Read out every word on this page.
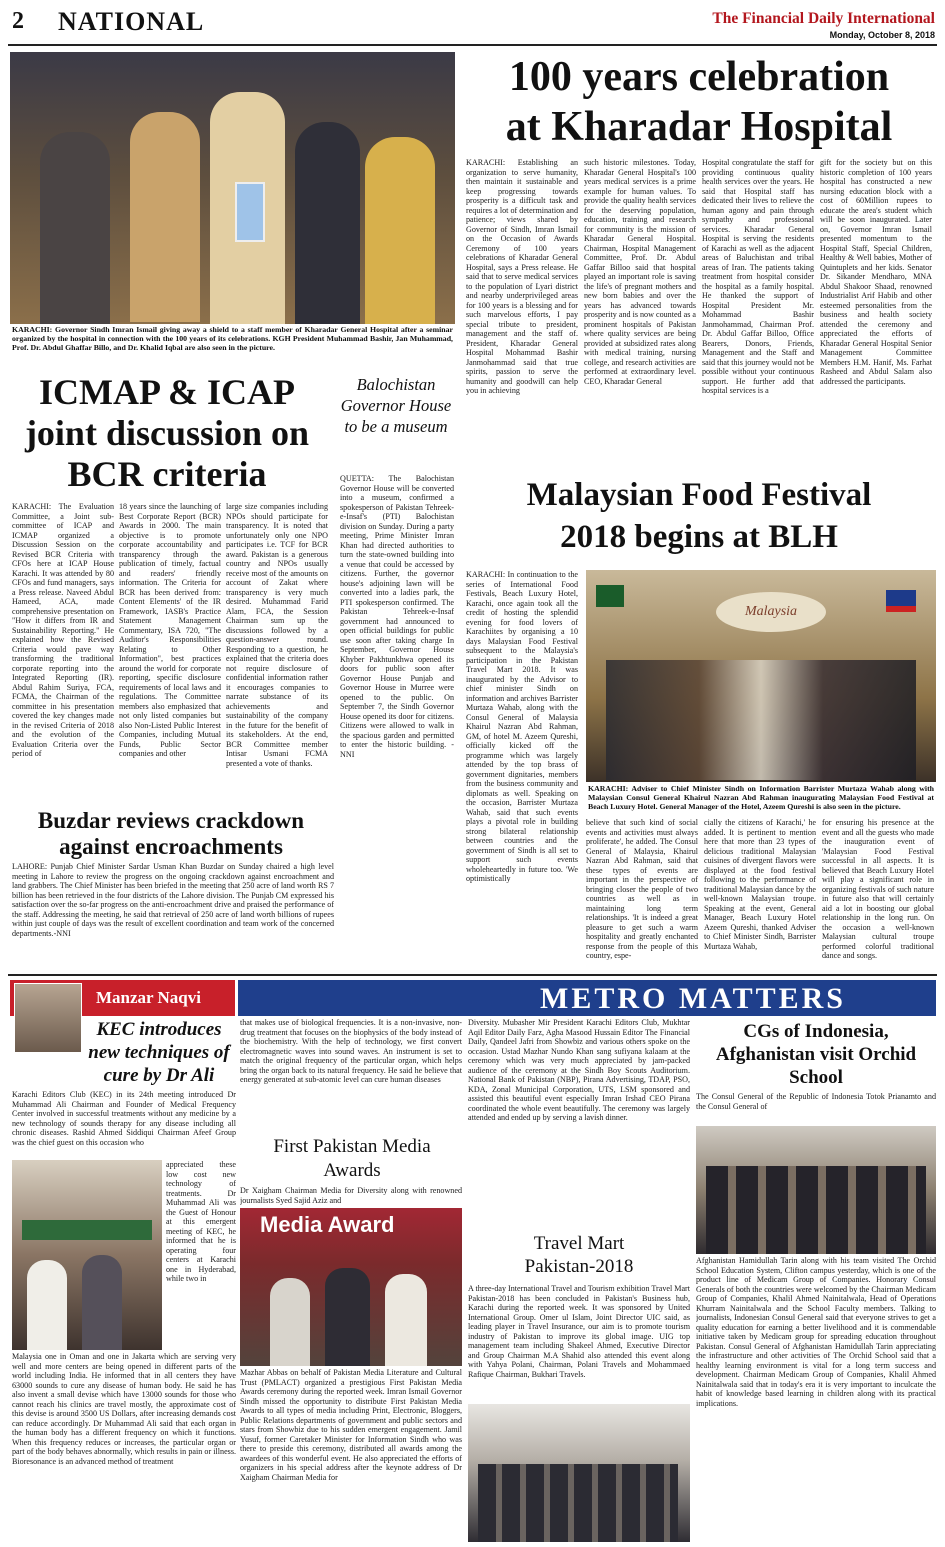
2 NATIONAL	The Financial Daily International
Monday, October 8, 2018
KARACHI: Governor Sindh Imran Ismail giving away a shield to a staff member of Kharadar General Hospital after a seminar organized by the hospital in connection with the 100 years of its celebrations. KGH President Muhammad Bashir, Jan Muhammad, Prof. Dr. Abdul Ghaffar Billo, and Dr. Khalid Iqbal are also seen in the picture.
100 years celebration
at Kharadar Hospital
KARACHI: Establishing an organization to serve humanity, then maintain it sustainable and keep progressing towards prosperity is a difficult task and requires a lot of determination and patience; views shared by Governor of Sindh, Imran Ismail on the Occasion of Awards Ceremony of 100 years celebrations of Kharadar General Hospital, says a Press release. He said that to serve medical services to the population of Lyari district and nearby underprivileged areas for 100 years is a blessing and for such marvelous efforts, I pay special tribute to president, management and the staff of. President, Kharadar General Hospital Mohammad Bashir Janmohammad said that true spirits, passion to serve the humanity and goodwill can help you in achieving
such historic milestones. Today, Kharadar General Hospital's 100 years medical services is a prime example for human values. To provide the quality health services for the deserving population, education, training and research for community is the mission of Kharadar General Hospital. Chairman, Hospital Management Committee, Prof. Dr. Abdul Gaffar Billoo said that hospital played an important role is saving the life's of pregnant mothers and new born babies and over the years has advanced towards prosperity and is now counted as a prominent hospitals of Pakistan where quality services are being provided at subsidized rates along with medical training, nursing college, and research activities are performed at extraordinary level. CEO, Kharadar General
Hospital congratulate the staff for providing continuous quality health services over the years. He said that Hospital staff has dedicated their lives to relieve the human agony and pain through sympathy and professional services. Kharadar General Hospital is serving the residents of Karachi as well as the adjacent areas of Baluchistan and tribal areas of Iran. The patients taking treatment from hospital consider the hospital as a family hospital. He thanked the support of Hospital President Mr. Mohammad Bashir Janmohammad, Chairman Prof. Dr. Abdul Gaffar Billoo, Office Bearers, Donors, Friends, Management and the Staff and said that this journey would not be possible without your continuous support. He further add that hospital services is a
gift for the society but on this historic completion of 100 years hospital has constructed a new nursing education block with a cost of 60Million rupees to educate the area's student which will be soon inaugurated. Later on, Governor Imran Ismail presented momentum to the Hospital Staff, Special Children, Healthy & Well babies, Mother of Quintuplets and her kids. Senator Dr. Sikander Mendharo, MNA Abdul Shakoor Shaad, renowned Industrialist Arif Habib and other esteemed personalities from the business and health society attended the ceremony and appreciated the efforts of Kharadar General Hospital Senior Management Committee Members H.M. Hanif, Ms. Farhat Rasheed and Abdul Salam also addressed the participants.
ICMAP & ICAP joint discussion on BCR criteria
KARACHI: The Evaluation Committee, a Joint sub- committee of ICAP and ICMAP organized a Discussion Session on the Revised BCR Criteria with CFOs here at ICAP House Karachi. It was attended by 80 CFOs and fund managers, says a Press release. Naveed Abdul Hameed, ACA, made comprehensive presentation on "How it differs from IR and Sustainability Reporting." He explained how the Revised Criteria would pave way transforming the traditional corporate reporting into the Integrated Reporting (IR). Abdul Rahim Suriya, FCA, FCMA, the Chairman of the committee in his presentation covered the key changes made in the revised Criteria of 2018 and the evolution of the Evaluation Criteria over the period of
18 years since the launching of Best Corporate Report (BCR) Awards in 2000. The main objective is to promote corporate accountability and transparency through the publication of timely, factual and readers' friendly information. The Criteria for BCR has been derived from: Content Elements' of the IR Framework, IASB's Practice Statement Management Commentary, ISA 720, "The Auditor's Responsibilities Relating to Other Information", best practices around the world for corporate reporting, specific disclosure requirements of local laws and regulations. The Committee members also emphasized that not only listed companies but also Non-Listed Public Interest Companies, including Mutual Funds, Public Sector companies and other
large size companies including NPOs should participate for transparency. It is noted that unfortunately only one NPO participates i.e. TCF for BCR award. Pakistan is a generous country and NPOs usually receive most of the amounts on account of Zakat where transparency is very much desired. Muhammad Farid Alam, FCA, the Session Chairman sum up the discussions followed by a question-answer round. Responding to a question, he explained that the criteria does not require disclosure of confidential information rather it encourages companies to narrate substance of its achievements and sustainability of the company in the future for the benefit of its stakeholders. At the end, BCR Committee member Intisar Usmani FCMA presented a vote of thanks.
Balochistan Governor House to be a museum
QUETTA: The Balochistan Governor House will be converted into a museum, confirmed a spokesperson of Pakistan Tehreek-e-Insaf's (PTI) Balochistan division on Sunday. During a party meeting, Prime Minister Imran Khan had directed authorities to turn the state-owned building into a venue that could be accessed by citizens. Further, the governor house's adjoining lawn will be converted into a ladies park, the PTI spokesperson confirmed. The Pakistan Tehreek-e-Insaf government had announced to open official buildings for public use soon after taking charge In September, Governor House Khyber Pakhtunkhwa opened its doors for public soon after Governor House Punjab and Governor House in Murree were opened to the public. On September 7, the Sindh Governor House opened its door for citizens. Citizens were allowed to walk in the spacious garden and permitted to enter the historic building. - NNI
Malaysian Food Festival
2018 begins at BLH
KARACHI: In continuation to the series of International Food Festivals, Beach Luxury Hotel, Karachi, once again took all the credit of hosting the splendid evening for food lovers of Karachiites by organising a 10 days Malaysian Food Festival subsequent to the Malaysia's participation in the Pakistan Travel Mart 2018. It was inaugurated by the Advisor to chief minister Sindh on information and archives Barrister Murtaza Wahab, along with the Consul General of Malaysia Khairul Nazran Abd Rahman, GM, of hotel M. Azeem Qureshi, officially kicked off the programme which was largely attended by the top brass of government dignitaries, members from the business community and diplomats as well. Speaking on the occasion, Barrister Murtaza Wahab, said that such events plays a pivotal role in building strong bilateral relationship between countries and the government of Sindh is all set to support such events wholeheartedly in future too. 'We optimistically
Malaysia
KARACHI: Adviser to Chief Minister Sindh on Information Barrister Murtaza Wahab along with Malaysian Consul General Khairul Nazran Abd Rahman inaugurating Malaysian Food Festival at Beach Luxury Hotel. General Manager of the Hotel, Azeem Qureshi is also seen in the picture.
believe that such kind of social events and activities must always proliferate', he added. The Consul General of Malaysia, Khairul Nazran Abd Rahman, said that these types of events are important in the perspective of bringing closer the people of two countries as well as in maintaining long term relationships. 'It is indeed a great pleasure to get such a warm hospitality and greatly enchanted response from the people of this country, espe-
cially the citizens of Karachi,' he added. It is pertinent to mention here that more than 23 types of delicious traditional Malaysian cuisines of divergent flavors were displayed at the food festival following to the performance of traditional Malaysian dance by the well-known Malaysian troupe. Speaking at the event, General Manager, Beach Luxury Hotel Azeem Qureshi, thanked Adviser to Chief Minister Sindh, Barrister Murtaza Wahab,
for ensuring his presence at the event and all the guests who made the inauguration event of 'Malaysian Food Festival successful in all aspects. It is believed that Beach Luxury Hotel will play a significant role in organizing festivals of such nature in future also that will certainly aid a lot in boosting our global relationship in the long run. On the occasion a well-known Malaysian cultural troupe performed colorful traditional dance and songs.
Buzdar reviews crackdown
against encroachments
LAHORE: Punjab Chief Minister Sardar Usman Khan Buzdar on Sunday chaired a high level meeting in Lahore to review the progress on the ongoing crackdown against encroachment and land grabbers. The Chief Minister has been briefed in the meeting that 250 acre of land worth RS 7 billion has been retrieved in the four districts of the Lahore division. The Punjab CM expressed his satisfaction over the so-far progress on the anti-encroachment drive and praised the performance of the staff. Addressing the meeting, he said that retrieval of 250 acre of land worth billions of rupees within just couple of days was the result of excellent coordination and team work of the concerned departments.-NNI
Manzar Naqvi	METRO MATTERS
KEC introduces new techniques of cure by Dr Ali
Karachi Editors Club (KEC) in its 24th meeting introduced Dr Muhammad Ali Chairman and Founder of Medical Frequency Center involved in successful treatments without any medicine by a new technology of sounds therapy for any disease including all chronic diseases. Rashid Ahmed Siddiqui Chairman Afeef Group was the chief guest on this occasion who
appreciated these low cost new technology of treatments. Dr Muhammad Ali was the Guest of Honour at this emergent meeting of KEC, he informed that he is operating four centers at Karachi one in Hyderabad, while two in
Malaysia one in Oman and one in Jakarta which are serving very well and more centers are being opened in different parts of the world including India. He informed that in all centers they have 63000 sounds to cure any disease of human body. He said he has also invent a small devise which have 13000 sounds for those who cannot reach his clinics are travel mostly, the approximate cost of this devise is around 3500 US Dollars, after increasing demands cost can reduce accordingly. Dr Muhammad Ali said that each organ in the human body has a different frequency on which it functions. When this frequency reduces or increases, the particular organ or part of the body behaves abnormally, which results in pain or illness. Bioresonance is an advanced method of treatment
that makes use of biological frequencies. It is a non-invasive, non-drug treatment that focuses on the biophysics of the body instead of the biochemistry. With the help of technology, we first convert electromagnetic waves into sound waves. An instrument is set to match the original frequency of the particular organ, which helps bring the organ back to its natural frequency. He said he believe that energy generated at sub-atomic level can cure human diseases
First Pakistan Media Awards
Dr Xaigham Chairman Media for Diversity along with renowned journalists Syed Sajid Aziz and
Media Award
Mazhar Abbas on behalf of Pakistan Media Literature and Cultural Trust (PMLACT) organized a prestigious First Pakistan Media Awards ceremony during the reported week. Imran Ismail Governor Sindh missed the opportunity to distribute First Pakistan Media Awards to all types of media including Print, Electronic, Bloggers, Public Relations departments of government and public sectors and stars from Showbiz due to his sudden emergent engagement. Jamil Yusuf, former Caretaker Minister for Information Sindh who was there to preside this ceremony, distributed all awards among the awardees of this wonderful event. He also appreciated the efforts of organizers in his special address after the keynote address of Dr Xaigham Chairman Media for
Diversity. Mubasher Mir President Karachi Editors Club, Mukhtar Aqil Editor Daily Farz, Agha Masood Hussain Editor The Financial Daily, Qandeel Jafri from Showbiz and various others spoke on the occasion. Ustad Mazhar Nundo Khan sang sufiyana kalaam at the ceremony which was very much appreciated by jam-packed audience of the ceremony at the Sindh Boy Scouts Auditorium. National Bank of Pakistan (NBP), Pirana Advertising, TDAP, PSO, KDA, Zonal Municipal Corporation, UTS, LSM sponsored and assisted this beautiful event especially Imran Irshad CEO Pirana coordinated the whole event beautifully. The ceremony was largely attended and ended up by serving a lavish dinner.
Travel Mart Pakistan-2018
A three-day International Travel and Tourism exhibition Travel Mart Pakistan-2018 has been concluded in Pakistan's Business hub, Karachi during the reported week. It was sponsored by United International Group. Omer ul Islam, Joint Director UIC said, as leading player in Travel Insurance, our aim is to promote tourism industry of Pakistan to improve its global image. UIG top management team including Shakeel Ahmed, Executive Director and Group Chairman M.A Shahid also attended this event along with Yahya Polani, Chairman, Polani Travels and Mohammaed Rafique Chairman, Bukhari Travels.
CGs of Indonesia, Afghanistan visit Orchid School
The Consul General of the Republic of Indonesia Totok Prianamto and the Consul General of
Afghanistan Hamidullah Tarin along with his team visited The Orchid School Education System, Clifton campus yesterday, which is one of the product line of Medicam Group of Companies. Honorary Consul Generals of both the countries were welcomed by the Chairman Medicam Group of Companies, Khalil Ahmed Nainitalwala, Head of Operations Khurram Nainitalwala and the School Faculty members. Talking to journalists, Indonesian Consul General said that everyone strives to get a quality education for earning a better livelihood and it is commendable initiative taken by Medicam group for spreading education throughout Pakistan. Consul General of Afghanistan Hamidullah Tarin appreciating the infrastructure and other activities of The Orchid School said that a healthy learning environment is vital for a long term success and development. Chairman Medicam Group of Companies, Khalil Ahmed Nainitalwala said that in today's era it is very important to inculcate the habit of knowledge based learning in children along with its practical implications.
